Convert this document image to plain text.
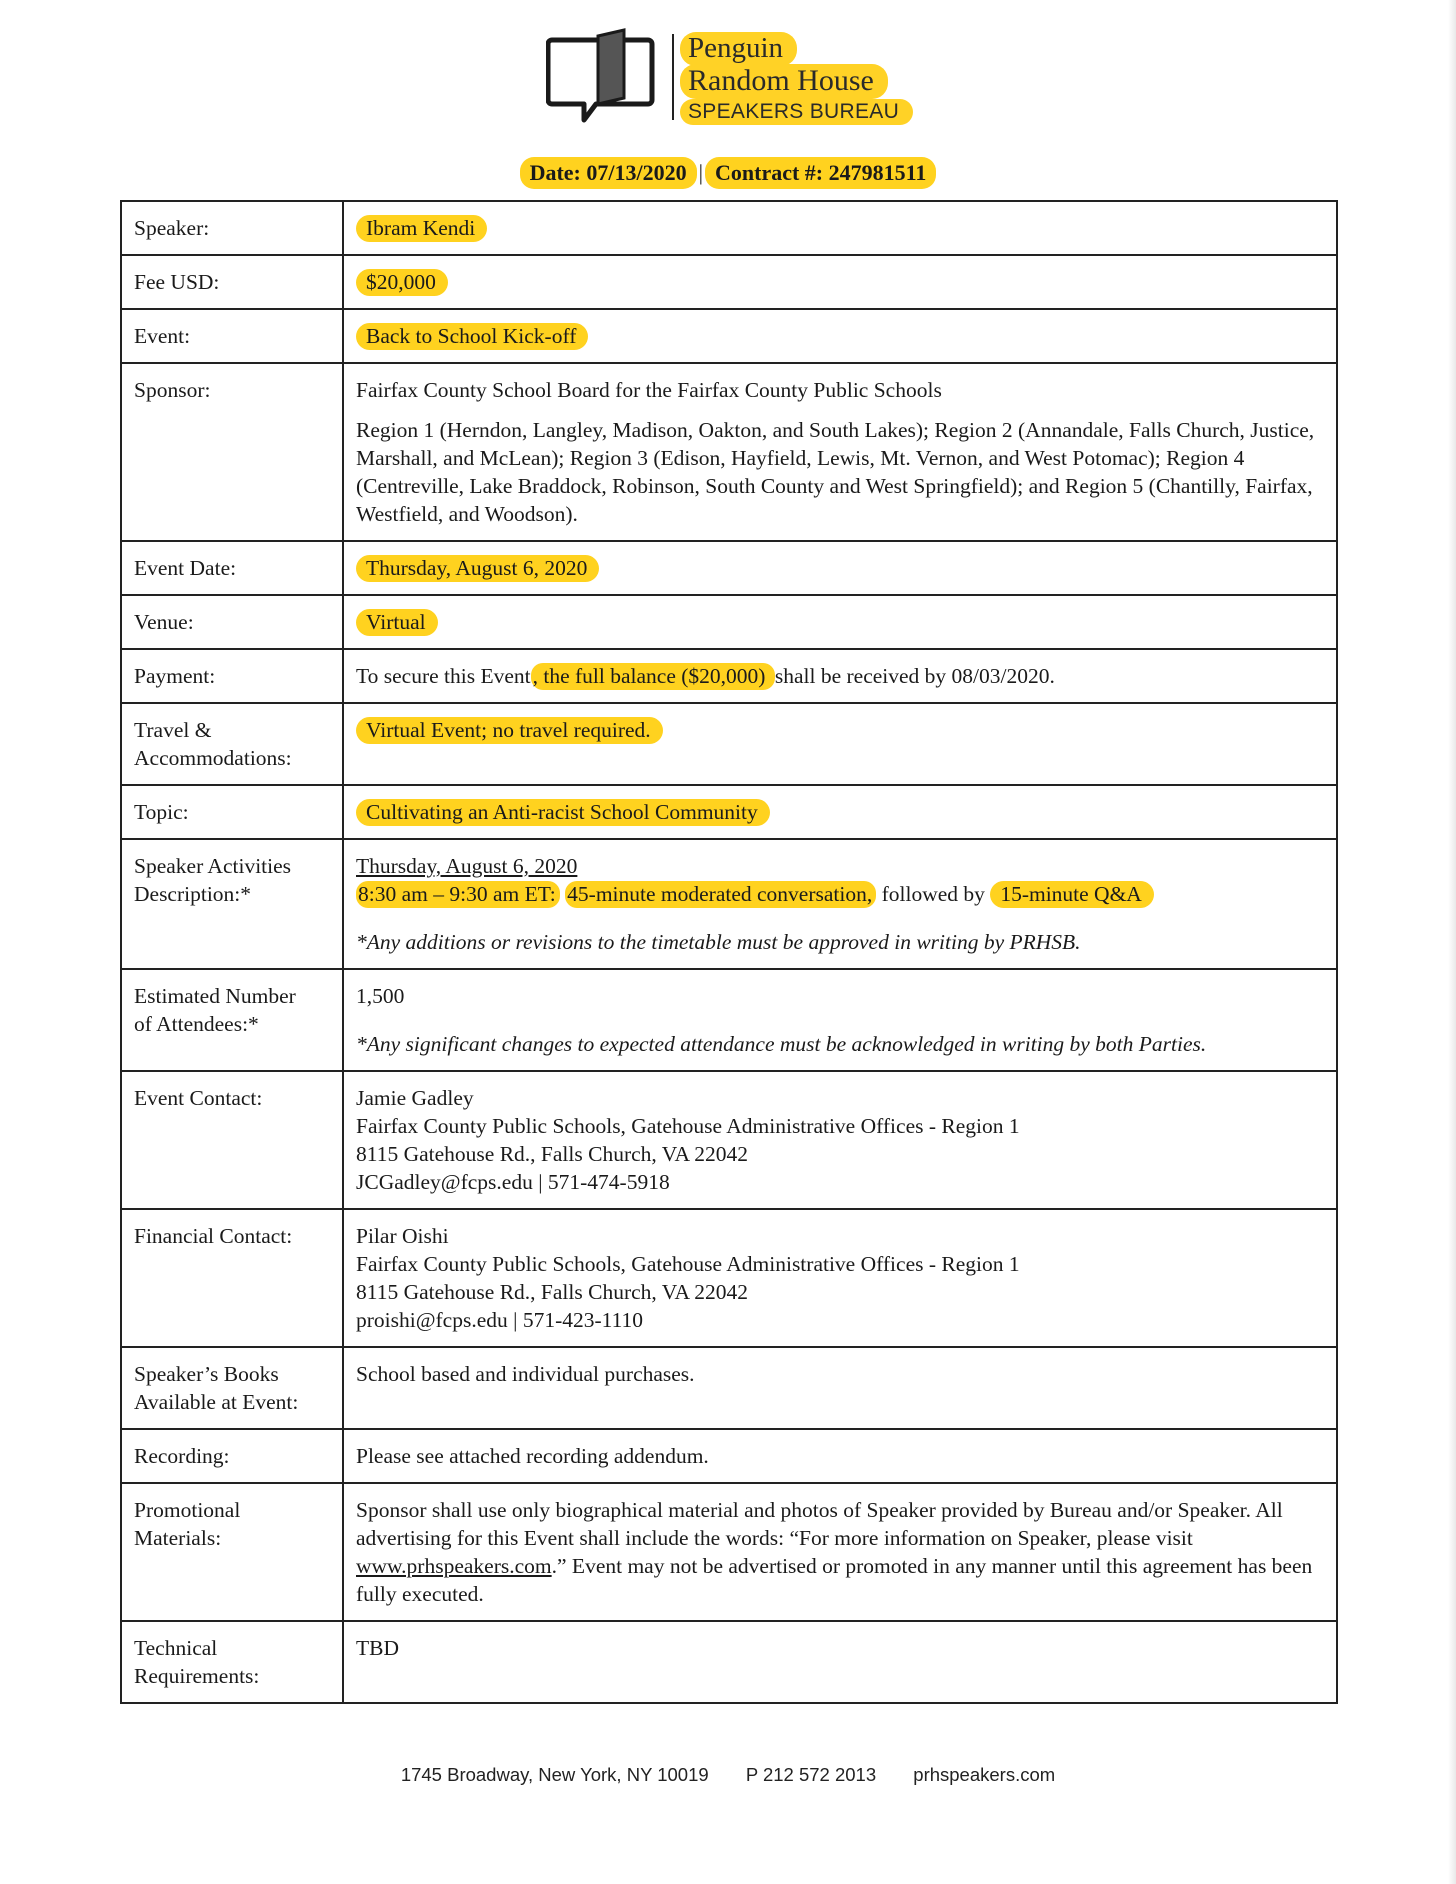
Penguin
Random House
SPEAKERS BUREAU
Date: 07/13/2020 | Contract #: 247981511
Speaker:	Ibram Kendi
Fee USD:	$20,000
Event:	Back to School Kick-off
Sponsor:	Fairfax County School Board for the Fairfax County Public Schools
Region 1 (Herndon, Langley, Madison, Oakton, and South Lakes); Region 2 (Annandale, Falls Church, Justice, Marshall, and McLean); Region 3 (Edison, Hayfield, Lewis, Mt. Vernon, and West Potomac); Region 4 (Centreville, Lake Braddock, Robinson, South County and West Springfield); and Region 5 (Chantilly, Fairfax, Westfield, and Woodson).

Event Date:	Thursday, August 6, 2020
Venue:	Virtual
Payment:	To secure this Event, the full balance ($20,000) shall be received by 08/03/2020.

Travel &
Accommodations:	Virtual Event; no travel required.
Topic:	Cultivating an Anti-racist School Community

Speaker Activities
Description:*	Thursday, August 6, 2020
8:30 am – 9:30 am ET: 45-minute moderated conversation, followed by 15-minute Q&A
*Any additions or revisions to the timetable must be approved in writing by PRHSB.

Estimated Number
of Attendees:*	1,500
*Any significant changes to expected attendance must be acknowledged in writing by both Parties.

Event Contact:	Jamie Gadley
Fairfax County Public Schools, Gatehouse Administrative Offices - Region 1
8115 Gatehouse Rd., Falls Church, VA 22042
JCGadley@fcps.edu | 571-474-5918

Financial Contact:	Pilar Oishi
Fairfax County Public Schools, Gatehouse Administrative Offices - Region 1
8115 Gatehouse Rd., Falls Church, VA 22042
proishi@fcps.edu | 571-423-1110

Speaker’s Books
Available at Event:	School based and individual purchases.
Recording:	Please see attached recording addendum.

Promotional
Materials:	Sponsor shall use only biographical material and photos of Speaker provided by Bureau and/or Speaker. All advertising for this Event shall include the words: “For more information on Speaker, please visit www.prhspeakers.com.” Event may not be advertised or promoted in any manner until this agreement has been fully executed.

Technical
Requirements:	TBD
1745 Broadway, New York, NY 10019 P 212 572 2013 prhspeakers.com
